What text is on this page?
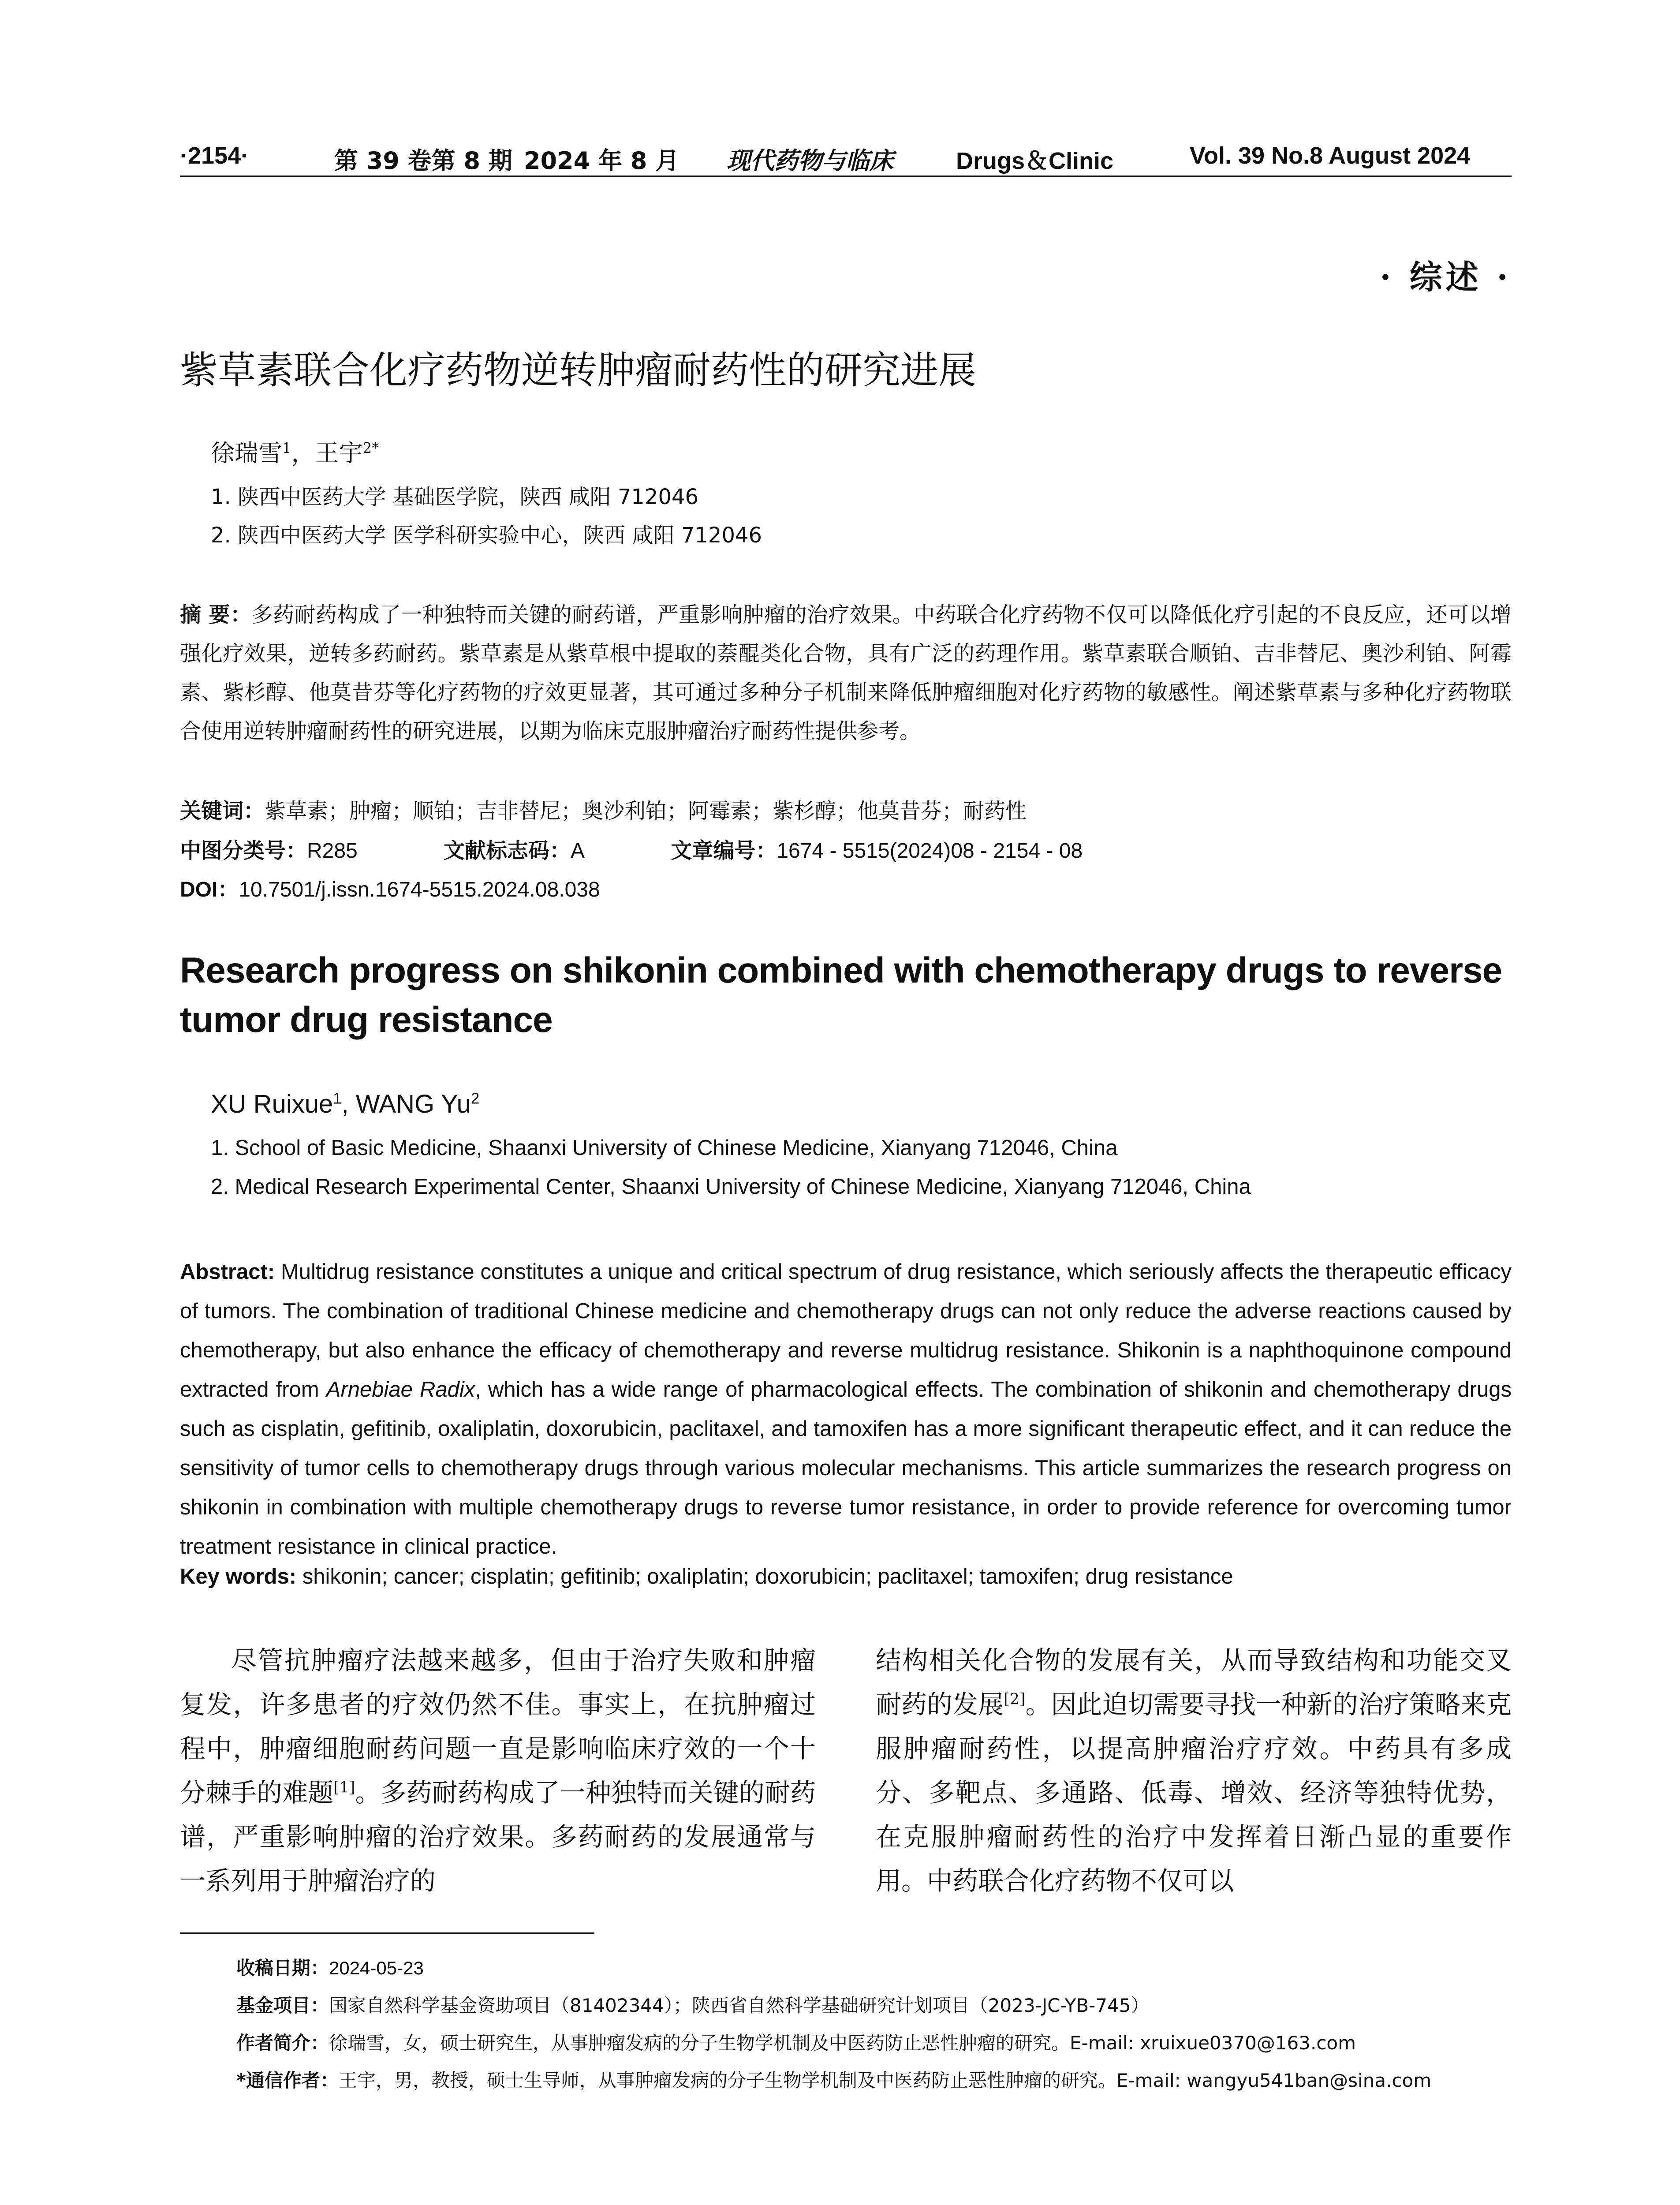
·2154·	第 39 卷第 8 期 2024 年 8 月 现代药物与临床	Drugs＆Clinic	Vol. 39 No.8 August 2024
· 综述 ·
紫草素联合化疗药物逆转肿瘤耐药性的研究进展
徐瑞雪$^1$，王宇$^{2*}$
1. 陕西中医药大学 基础医学院，陕西 咸阳 712046
2. 陕西中医药大学 医学科研实验中心，陕西 咸阳 712046
摘 要：多药耐药构成了一种独特而关键的耐药谱，严重影响肿瘤的治疗效果。中药联合化疗药物不仅可以降低化疗引起的不良反应，还可以增强化疗效果，逆转多药耐药。紫草素是从紫草根中提取的萘醌类化合物，具有广泛的药理作用。紫草素联合顺铂、吉非替尼、奥沙利铂、阿霉素、紫杉醇、他莫昔芬等化疗药物的疗效更显著，其可通过多种分子机制来降低肿瘤细胞对化疗药物的敏感性。阐述紫草素与多种化疗药物联合使用逆转肿瘤耐药性的研究进展，以期为临床克服肿瘤治疗耐药性提供参考。
关键词：紫草素；肿瘤；顺铂；吉非替尼；奥沙利铂；阿霉素；紫杉醇；他莫昔芬；耐药性
中图分类号：R285	文献标志码：A	文章编号：1674 - 5515(2024)08 - 2154 - 08
DOI：10.7501/j.issn.1674-5515.2024.08.038
Research progress on shikonin combined with chemotherapy drugs to reverse tumor drug resistance
XU Ruixue$^1$, WANG Yu$^2$
1. School of Basic Medicine, Shaanxi University of Chinese Medicine, Xianyang 712046, China
2. Medical Research Experimental Center, Shaanxi University of Chinese Medicine, Xianyang 712046, China
Abstract: Multidrug resistance constitutes a unique and critical spectrum of drug resistance, which seriously affects the therapeutic efficacy of tumors. The combination of traditional Chinese medicine and chemotherapy drugs can not only reduce the adverse reactions caused by chemotherapy, but also enhance the efficacy of chemotherapy and reverse multidrug resistance. Shikonin is a naphthoquinone compound extracted from Arnebiae Radix, which has a wide range of pharmacological effects. The combination of shikonin and chemotherapy drugs such as cisplatin, gefitinib, oxaliplatin, doxorubicin, paclitaxel, and tamoxifen has a more significant therapeutic effect, and it can reduce the sensitivity of tumor cells to chemotherapy drugs through various molecular mechanisms. This article summarizes the research progress on shikonin in combination with multiple chemotherapy drugs to reverse tumor resistance, in order to provide reference for overcoming tumor treatment resistance in clinical practice.
Key words: shikonin; cancer; cisplatin; gefitinib; oxaliplatin; doxorubicin; paclitaxel; tamoxifen; drug resistance

尽管抗肿瘤疗法越来越多，但由于治疗失败和肿瘤复发，许多患者的疗效仍然不佳。事实上，在抗肿瘤过程中，肿瘤细胞耐药问题一直是影响临床疗效的一个十分棘手的难题[1]。多药耐药构成了一种独特而关键的耐药谱，严重影响肿瘤的治疗效果。多药耐药的发展通常与一系列用于肿瘤治疗的

结构相关化合物的发展有关，从而导致结构和功能交叉耐药的发展[2]。因此迫切需要寻找一种新的治疗策略来克服肿瘤耐药性，以提高肿瘤治疗疗效。中药具有多成分、多靶点、多通路、低毒、增效、经济等独特优势，在克服肿瘤耐药性的治疗中发挥着日渐凸显的重要作用。中药联合化疗药物不仅可以

收稿日期：2024-05-23
基金项目：国家自然科学基金资助项目（81402344）；陕西省自然科学基础研究计划项目（2023-JC-YB-745）
作者简介：徐瑞雪，女，硕士研究生，从事肿瘤发病的分子生物学机制及中医药防止恶性肿瘤的研究。E-mail: xruixue0370@163.com
*通信作者：王宇，男，教授，硕士生导师，从事肿瘤发病的分子生物学机制及中医药防止恶性肿瘤的研究。E-mail: wangyu541ban@sina.com
